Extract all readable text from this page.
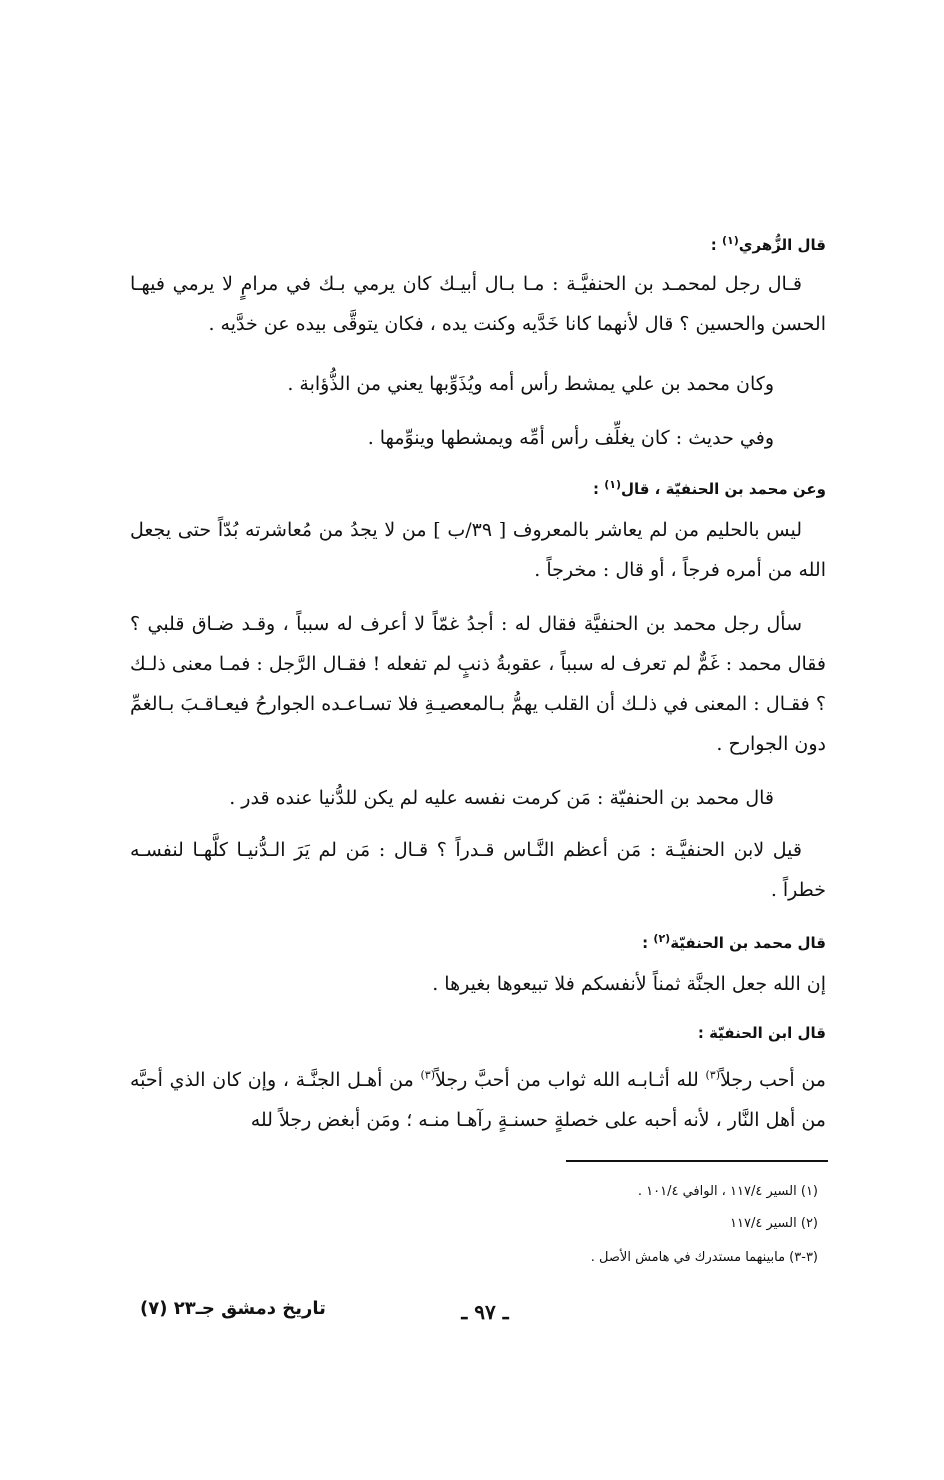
قال الزُّهري$^{(١)}$ :

قـال رجل لمحمـد بن الحنفيَّـة : مـا بـال أبيـك كان يرمي بـك في مرامٍ لا يرمي فيهـا الحسن والحسين ؟ قال لأنهما كانا خَدَّيه وكنت يده ، فكان يتوقَّى بيده عن خدَّيه .

وكان محمد بن علي يمشط رأس أمه ويُذَوِّبها يعني من الذُّؤابة .

وفي حديث : كان يغلِّف رأس أمِّه ويمشطها وينوِّمها .

وعن محمد بن الحنفيّة ، قال$^{(١)}$ :

ليس بالحليم من لم يعاشر بالمعروف [ ٣٩/ب ] من لا يجدُ من مُعاشرته بُدّاً حتى يجعل الله من أمره فرجاً ، أو قال : مخرجاً .

سأل رجل محمد بن الحنفيَّة فقال له : أجدُ غمّاً لا أعرف له سبباً ، وقـد ضـاق قلبي ؟ فقال محمد : غَمٌّ لم تعرف له سبباً ، عقوبةُ ذنبٍ لم تفعله ! فقـال الرَّجل : فمـا معنى ذلـك ؟ فقـال : المعنى في ذلـك أن القلب يهمُّ بـالمعصيـةِ فلا تسـاعـده الجوارحُ فيعـاقـبَ بـالغمِّ دون الجوارح .

قال محمد بن الحنفيّة : مَن كرمت نفسه عليه لم يكن للدُّنيا عنده قدر .

قيل لابن الحنفيَّـة : مَن أعظم النَّـاس قـدراً ؟ قـال : مَن لم يَرَ الـدُّنيـا كلَّهـا لنفسـه خطراً .

قال محمد بن الحنفيّة$^{(٢)}$ :

إن الله جعل الجنَّة ثمناً لأنفسكم فلا تبيعوها بغيرها .

قال ابن الحنفيّة :

من أحب رجلاً$^{(٣)}$ لله أثـابـه الله ثواب من أحبَّ رجلاً$^{(٣)}$ من أهـل الجنَّـة ، وإن كان الذي أحبَّه من أهل النَّار ، لأنه أحبه على خصلةٍ حسنـةٍ رآهـا منـه ؛ ومَن أبغض رجلاً لله

(١) السير ١١٧/٤ ، الوافي ١٠١/٤ .
(٢) السير ١١٧/٤
(٣-٣) مابينهما مستدرك في هامش الأصل .
ـ ٩٧ ـ
تاريخ دمشق جـ٢٣ (٧)
